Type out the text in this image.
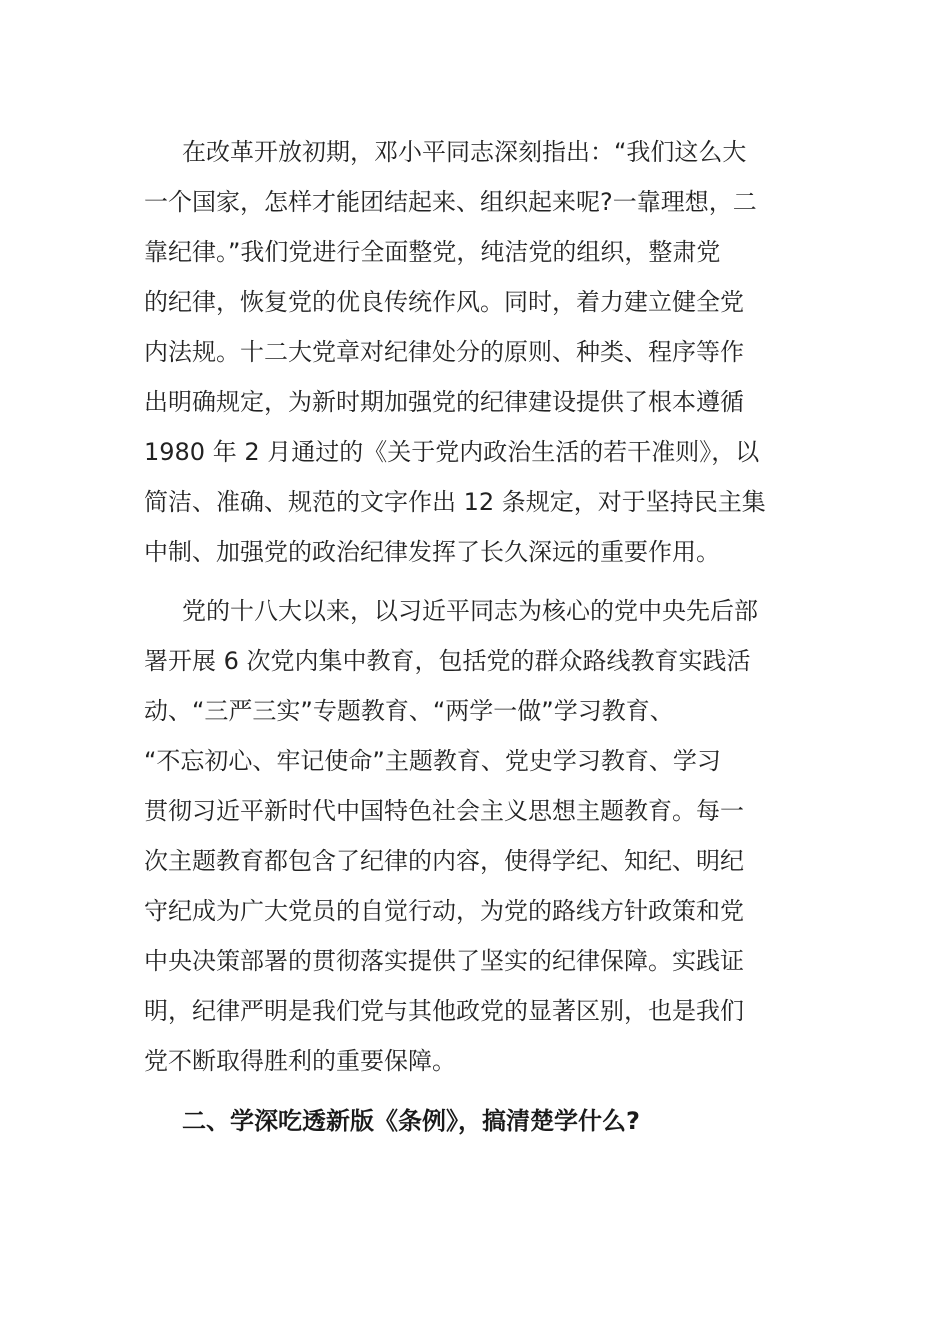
在改革开放初期，邓小平同志深刻指出：“我们这么大
一个国家，怎样才能团结起来、组织起来呢?一靠理想，二
靠纪律。”我们党进行全面整党，纯洁党的组织，整肃党
的纪律，恢复党的优良传统作风。同时，着力建立健全党
内法规。十二大党章对纪律处分的原则、种类、程序等作
出明确规定，为新时期加强党的纪律建设提供了根本遵循
1980 年 2 月通过的《关于党内政治生活的若干准则》，以
简洁、准确、规范的文字作出 12 条规定，对于坚持民主集
中制、加强党的政治纪律发挥了长久深远的重要作用。
党的十八大以来，以习近平同志为核心的党中央先后部
署开展 6 次党内集中教育，包括党的群众路线教育实践活
动、“三严三实”专题教育、“两学一做”学习教育、
“不忘初心、牢记使命”主题教育、党史学习教育、学习
贯彻习近平新时代中国特色社会主义思想主题教育。每一
次主题教育都包含了纪律的内容，使得学纪、知纪、明纪
守纪成为广大党员的自觉行动，为党的路线方针政策和党
中央决策部署的贯彻落实提供了坚实的纪律保障。实践证
明，纪律严明是我们党与其他政党的显著区别，也是我们
党不断取得胜利的重要保障。
二、学深吃透新版《条例》，搞清楚学什么?
